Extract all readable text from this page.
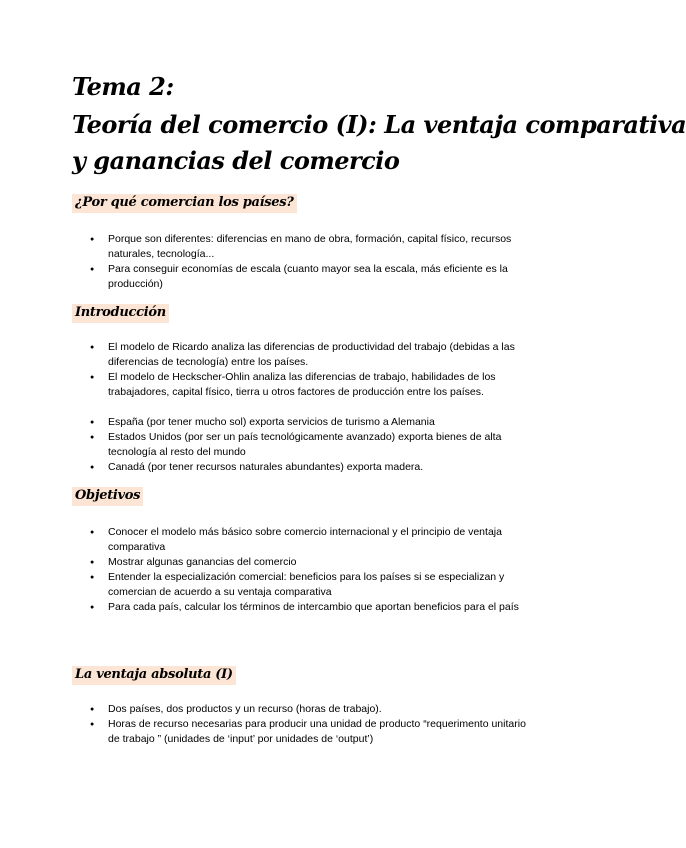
Tema 2:
Teoría del comercio (I): La ventaja comparativa
y ganancias del comercio
¿Por qué comercian los países?
● Porque son diferentes: diferencias en mano de obra, formación, capital físico, recursos naturales, tecnología...
● Para conseguir economías de escala (cuanto mayor sea la escala, más eficiente es la producción)
Introducción
● El modelo de Ricardo analiza las diferencias de productividad del trabajo (debidas a las diferencias de tecnología) entre los países.
● El modelo de Heckscher-Ohlin analiza las diferencias de trabajo, habilidades de los trabajadores, capital físico, tierra u otros factores de producción entre los países.
● España (por tener mucho sol) exporta servicios de turismo a Alemania
● Estados Unidos (por ser un país tecnológicamente avanzado) exporta bienes de alta tecnología al resto del mundo
● Canadá (por tener recursos naturales abundantes) exporta madera.
Objetivos
● Conocer el modelo más básico sobre comercio internacional y el principio de ventaja comparativa
● Mostrar algunas ganancias del comercio
● Entender la especialización comercial: beneficios para los países si se especializan y comercian de acuerdo a su ventaja comparativa
● Para cada país, calcular los términos de intercambio que aportan beneficios para el país
La ventaja absoluta (I)
● Dos países, dos productos y un recurso (horas de trabajo).
● Horas de recurso necesarias para producir una unidad de producto “requerimento unitario de trabajo ” (unidades de ‘input’ por unidades de ‘output’)
